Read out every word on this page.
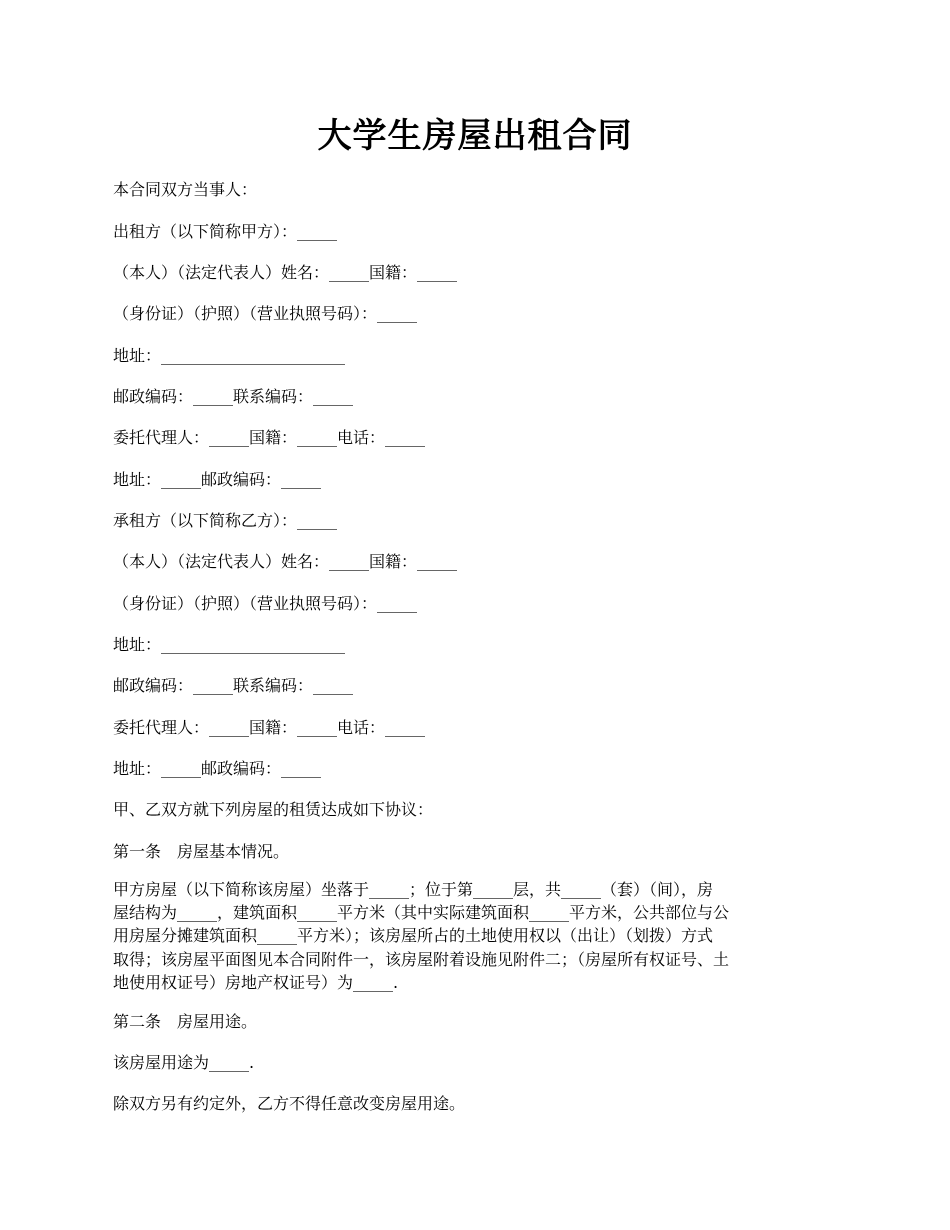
大学生房屋出租合同

本合同双方当事人：

出租方（以下简称甲方）：_____

（本人）（法定代表人）姓名：_____国籍：_____

（身份证）（护照）（营业执照号码）：_____

地址：_______________________

邮政编码：_____联系编码：_____

委托代理人：_____国籍：_____电话：_____

地址：_____邮政编码：_____

承租方（以下简称乙方）：_____

（本人）（法定代表人）姓名：_____国籍：_____

（身份证）（护照）（营业执照号码）：_____

地址：_______________________

邮政编码：_____联系编码：_____

委托代理人：_____国籍：_____电话：_____

地址：_____邮政编码：_____

甲、乙双方就下列房屋的租赁达成如下协议：

第一条　房屋基本情况。

甲方房屋（以下简称该房屋）坐落于_____；位于第_____层，共_____（套）（间），房
屋结构为_____，建筑面积_____平方米（其中实际建筑面积_____平方米，公共部位与公
用房屋分摊建筑面积_____平方米）；该房屋所占的土地使用权以（出让）（划拨）方式
取得；该房屋平面图见本合同附件一，该房屋附着设施见附件二；（房屋所有权证号、土
地使用权证号）房地产权证号）为_____.

第二条　房屋用途。

该房屋用途为_____.

除双方另有约定外，乙方不得任意改变房屋用途。
